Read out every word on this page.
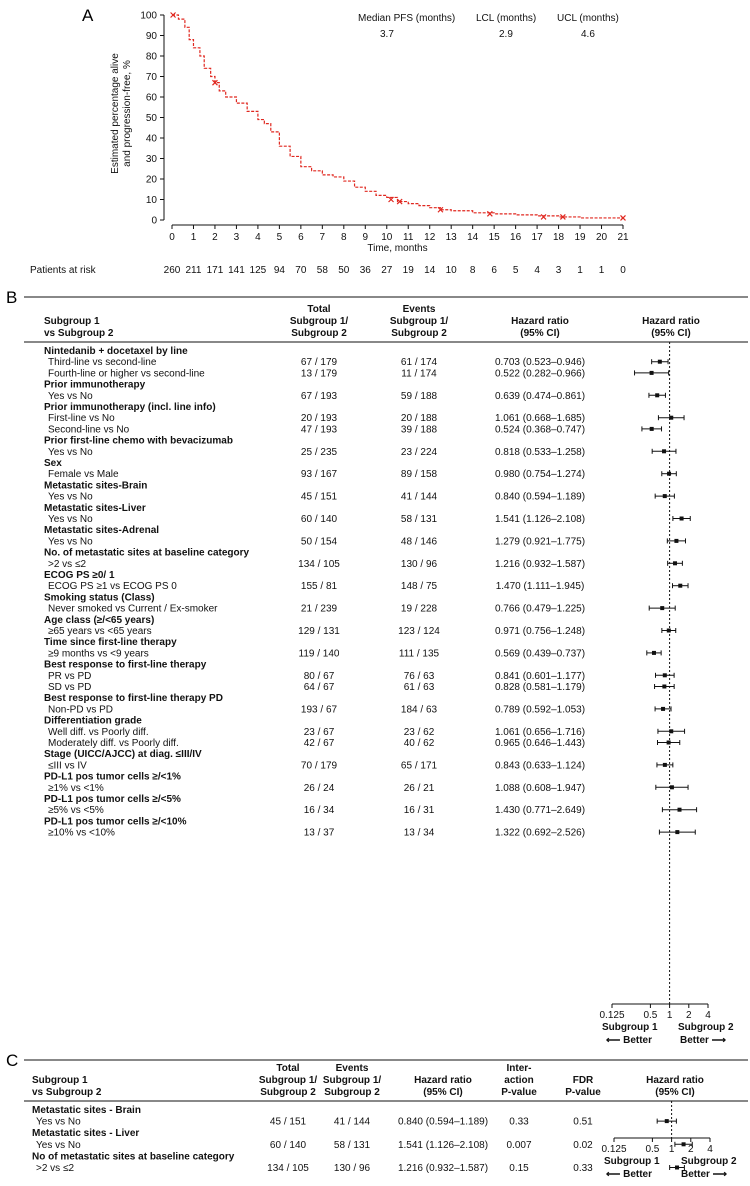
A	Median PFS (months) LCL (months) UCL (months)
3.7	2.9	4.6
Patients at risk
0
10
20
30
40
50
60
70
80
90
100
0 1 2 3 4 5 6 7 8 9 10 11 12 13 14 15 16 17 18 19 20 21
Time, months
Estimated percentage aliveand progression-free, %
260 211 171 141 125 94 70 58 50 36 27 19 14 10 8 6 5 4 3 1 1 0
B
Subgroup 1
vs Subgroup 2
Total
Subgroup 1/
Subgroup 2
Events
Subgroup 1/
Subgroup 2
Hazard ratio
(95% CI)
Hazard ratio
(95% CI)
Nintedanib + docetaxel by line
Third-line vs second-line	67 / 179	61 / 174	0.703 (0.523–0.946)
Fourth-line or higher vs second-line	13 / 179	11 / 174	0.522 (0.282–0.966)
Prior immunotherapy
Yes vs No	67 / 193	59 / 188	0.639 (0.474–0.861)
Prior immunotherapy (incl. line info)
First-line vs No	20 / 193	20 / 188	1.061 (0.668–1.685)
Second-line vs No	47 / 193	39 / 188	0.524 (0.368–0.747)
Prior first-line chemo with bevacizumab
Yes vs No	25 / 235	23 / 224	0.818 (0.533–1.258)
Sex
Female vs Male	93 / 167	89 / 158	0.980 (0.754–1.274)
Metastatic sites-Brain
Yes vs No	45 / 151	41 / 144	0.840 (0.594–1.189)
Metastatic sites-Liver
Yes vs No	60 / 140	58 / 131	1.541 (1.126–2.108)
Metastatic sites-Adrenal
Yes vs No	50 / 154	48 / 146	1.279 (0.921–1.775)
No. of metastatic sites at baseline category
>2 vs ≤2	134 / 105	130 / 96	1.216 (0.932–1.587)
ECOG PS ≥0/ 1
ECOG PS ≥1 vs ECOG PS 0	155 / 81	148 / 75	1.470 (1.111–1.945)
Smoking status (Class)
Never smoked vs Current / Ex-smoker	21 / 239	19 / 228	0.766 (0.479–1.225)
Age class (≥/<65 years)
≥65 years vs <65 years	129 / 131	123 / 124	0.971 (0.756–1.248)
Time since first-line therapy
≥9 months vs <9 years	119 / 140	111 / 135	0.569 (0.439–0.737)
Best response to first-line therapy
PR vs PD	80 / 67	76 / 63	0.841 (0.601–1.177)
SD vs PD	64 / 67	61 / 63	0.828 (0.581–1.179)
Best response to first-line therapy PD
Non-PD vs PD	193 / 67	184 / 63	0.789 (0.592–1.053)
Differentiation grade
Well diff. vs Poorly diff.	23 / 67	23 / 62	1.061 (0.656–1.716)
Moderately diff. vs Poorly diff.	42 / 67	40 / 62	0.965 (0.646–1.443)
Stage (UICC/AJCC) at diag. ≤III/IV
≤III vs IV	70 / 179	65 / 171	0.843 (0.633–1.124)
PD-L1 pos tumor cells ≥/<1%
≥1% vs <1%	26 / 24	26 / 21	1.088 (0.608–1.947)
PD-L1 pos tumor cells ≥/<5%
≥5% vs <5%	16 / 34	16 / 31	1.430 (0.771–2.649)
PD-L1 pos tumor cells ≥/<10%
≥10% vs <10%	13 / 37	13 / 34	1.322 (0.692–2.526)
0.125 0.5 1 2 4
Subgroup 1
⟵ Better
Subgroup 2
Better ⟶
C
Subgroup 1
vs Subgroup 2
Total
Subgroup 1/
Subgroup 2
Events
Subgroup 1/
Subgroup 2
Hazard ratio
(95% CI)
Inter-
action
P-value
FDR
P-value
Hazard ratio
(95% CI)
Metastatic sites - Brain
Yes vs No	45 / 151	41 / 144	0.840 (0.594–1.189) 0.33	0.51
Metastatic sites - Liver
Yes vs No	60 / 140	58 / 131	1.541 (1.126–2.108) 0.007	0.02
No of metastatic sites at baseline category
>2 vs ≤2	134 / 105	130 / 96	1.216 (0.932–1.587) 0.15	0.33
0.125 0.5 1 2 4
Subgroup 1
⟵ Better
Subgroup 2
Better ⟶
